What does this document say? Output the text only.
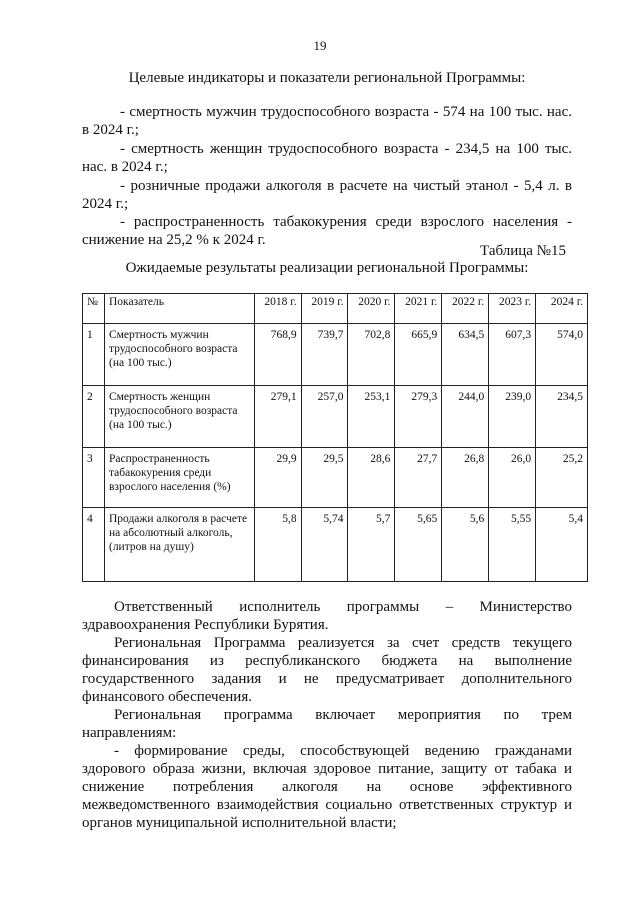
19
Целевые индикаторы и показатели региональной Программы:
- смертность мужчин трудоспособного возраста - 574 на 100 тыс. нас. в 2024 г.;
- смертность женщин трудоспособного возраста - 234,5 на 100 тыс. нас. в 2024 г.;
- розничные продажи алкоголя в расчете на чистый этанол - 5,4 л. в 2024 г.;
- распространенность табакокурения среди взрослого населения - снижение на 25,2 % к 2024 г.
Таблица №15
Ожидаемые результаты реализации региональной Программы:
№	Показатель	2018 г.	2019 г.	2020 г.	2021 г.	2022 г.	2023 г.	2024 г.
1	Смертность мужчин трудоспособного возраста (на 100 тыс.)	768,9	739,7	702,8	665,9	634,5	607,3	574,0
2	Смертность женщин трудоспособного возраста (на 100 тыс.)	279,1	257,0	253,1	279,3	244,0	239,0	234,5
3	Распространенность табакокурения среди взрослого населения (%)	29,9	29,5	28,6	27,7	26,8	26,0	25,2
4	Продажи алкоголя в расчете на абсолютный алкоголь, (литров на душу)	5,8	5,74	5,7	5,65	5,6	5,55	5,4
Ответственный исполнитель программы – Министерство здравоохранения Республики Бурятия.
Региональная Программа реализуется за счет средств текущего финансирования из республиканского бюджета на выполнение государственного задания и не предусматривает дополнительного финансового обеспечения.
Региональная программа включает мероприятия по трем направлениям:
- формирование среды, способствующей ведению гражданами здорового образа жизни, включая здоровое питание, защиту от табака и снижение потребления алкоголя на основе эффективного межведомственного взаимодействия социально ответственных структур и органов муниципальной исполнительной власти;
